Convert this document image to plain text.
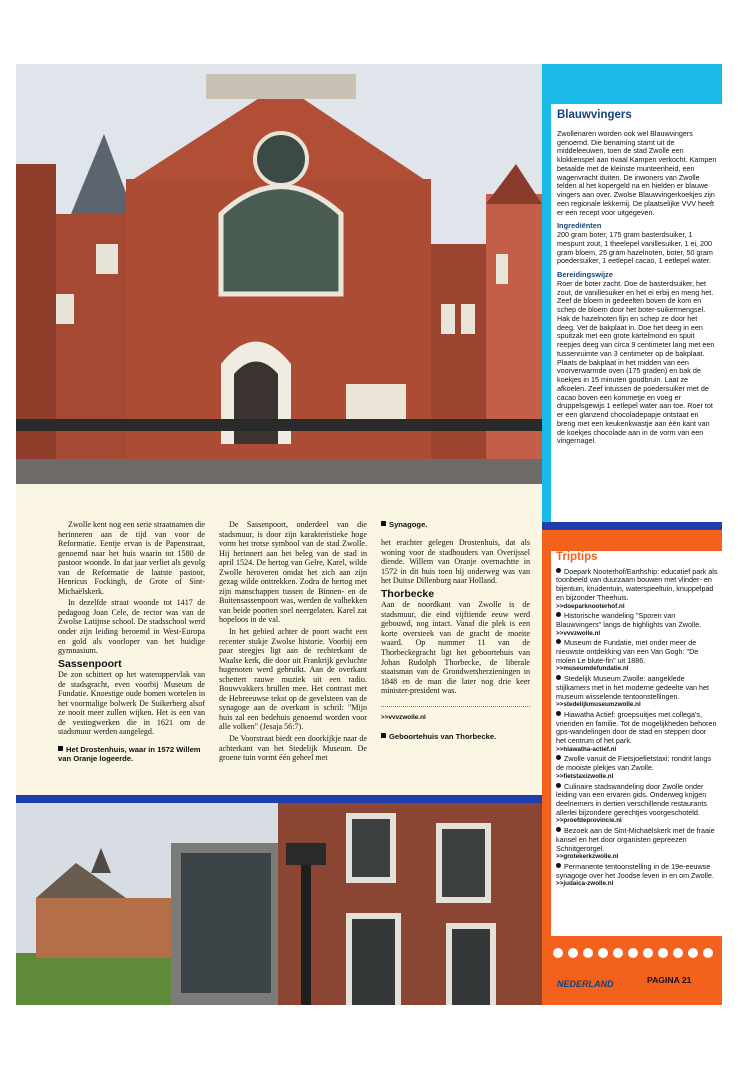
Zwolle kent nog een serie straatnamen die herinneren aan de tijd van voor de Reformatie. Eentje ervan is de Papenstraat, genoemd naar het huis waarin tot 1580 de pastoor woonde. In dat jaar verliet als gevolg van de Reformatie de laatste pastoor, Henricus Fockingh, de Grote of Sint-Michaëlskerk.

In dezelfde straat woonde tot 1417 de pedagoog Joan Cele, de rector was van de Zwolse Latijnse school. De stadsschool werd onder zijn leiding beroemd in West-Europa en gold als voorloper van het huidige gymnasium.

Sassenpoort

De zon schittert op het wateroppervlak van de stadsgracht, even voorbij Museum de Fundatie. Knoestige oude bomen wortelen in het voormalige bolwerk De Suikerberg alsof ze nooit meer zullen wijken. Het is een van de vestingwerken die in 1621 om de stadsmuur werden aangelegd.

Het Drostenhuis, waar in 1572 Willem van Oranje logeerde.

De Sassenpoort, onderdeel van die stadsmuur, is door zijn karakteristieke hoge vorm het trotse symbool van de stad Zwolle. Hij herinnert aan het beleg van de stad in april 1524. De hertog van Gelre, Karel, wilde Zwolle heroveren omdat het zich aan zijn gezag wilde onttrekken. Zodra de hertog met zijn manschappen tussen de Binnen- en de Buitensassenpoort was, werden de valhekken van beide poorten snel neergelaten. Karel zat hopeloos in de val.

In het gebied achter de poort wacht een recenter stukje Zwolse historie. Voorbij een paar steegjes ligt aan de rechterkant de Waalse kerk, die door uit Frankrijk gevluchte hugenoten werd gebruikt. Aan de overkant schettert rauwe muziek uit een radio. Bouwvakkers brullen mee. Het contrast met de Hebreeuwse tekst op de gevelsteen van de synagoge aan de overkant is schril: "Mijn huis zal een bedehuis genoemd worden voor alle volken" (Jesaja 56:7).

De Voorstraat biedt een doorkijkje naar de achterkant van het Stedelijk Museum. De groene tuin vormt één geheel met

Synagoge.

het erachter gelegen Drostenhuis, dat als woning voor de stadhouders van Overijssel diende. Willem van Oranje overnachtte in 1572 in dit huis toen hij onderweg was van het Duitse Dillenburg naar Holland.

Thorbecke

Aan de noordkant van Zwolle is de stadsmuur, die eind vijftiende eeuw werd gebouwd, nog intact. Vanaf die plek is een korte oversteek van de gracht de moeite waard. Op nummer 11 van de Thorbeckegracht ligt het geboortehuis van Johan Rudolph Thorbecke, de liberale staatsman van de Grondwetsherzieningen in 1848 en de man die later nog drie keer minister-president was.

>>vvvzwolle.nl
Geboortehuis van Thorbecke.
Blauwvingers

Zwollenaren worden ook wel Blauwvingers genoemd. Die benaming stamt uit de middeleeuwen, toen de stad Zwolle een klokkenspel aan rivaal Kampen verkocht. Kampen betaalde met de kleinste munteenheid, een wagenvracht duiten. De inwoners van Zwolle telden al het kopergeld na en hielden er blauwe vingers aan over. Zwolse Blauwvingerkoekjes zijn een regionale lekkernij. De plaatselijke VVV heeft er een recept voor uitgegeven.

Ingrediënten

200 gram boter, 175 gram basterdsuiker, 1 mespunt zout, 1 theelepel vanillesuiker, 1 ei, 200 gram bloem, 25 gram hazelnoten, boter, 50 gram poedersuiker, 1 eetlepel cacao, 1 eetlepel water.

Bereidingswijze

Roer de boter zacht. Doe de basterdsuiker, het zout, de vanillesuiker en het ei erbij en meng het. Zeef de bloem in gedeelten boven de kom en schep de bloem door het boter-suikermengsel. Hak de hazelnoten fijn en schep ze door het deeg. Vet de bakplaat in. Doe het deeg in een spuitzak met een grote kartelmond en spuit reepjes deeg van circa 9 centimeter lang met een tussenruimte van 3 centimeter op de bakplaat. Plaats de bakplaat in het midden van een voorverwarmde oven (175 graden) en bak de koekjes in 15 minuten goudbruin. Laat ze afkoelen. Zeef intussen de poedersuiker met de cacao boven een kommetje en voeg er druppelsgewijs 1 eetlepel water aan toe. Roer tot er een glanzend chocoladepapje ontstaat en breng met een keukenkwastje aan één kant van de koekjes chocolade aan in de vorm van een vingernagel.

Triptips
Doepark Nooterhof/Earthship: educatief park als toonbeeld van duurzaam bouwen met vlinder- en bijentuin, kruidentuin, waterspeeltuin, knuppelpad en bijzonder Theehuis.
>>doeparknooterhof.nl
Historische wandeling "Sporen van Blauwvingers" langs de highlights van Zwolle.
>>vvvzwolle.nl
Museum de Fundatie, met onder meer de nieuwste ontdekking van een Van Gogh: "De molen Le blute-fin" uit 1886.
>>museumdefundatie.nl
Stedelijk Museum Zwolle: aangeklede stijlkamers met in het moderne gedeelte van het museum wisselende tentoonstellingen.
>>stedelijkmuseumzwolle.nl
Hiawatha Actief: groepsuitjes met collega's, vrienden en familie. Tot de mogelijkheden behoren gps-wandelingen door de stad en steppen door het centrum of het park.
>>hiawatha-actief.nl
Zwolle vanuit de Fietsjoefietstaxi: rondrit langs de mooiste plekjes van Zwolle.
>>fietstaxizwolle.nl
Culinaire stadswandeling door Zwolle onder leiding van een ervaren gids. Onderweg krijgen deelnemers in dertien verschillende restaurants allerlei bijzondere gerechtjes voorgeschoteld.
>>proefdeprovincie.nl
Bezoek aan de Sint-Michaëlskerk met de fraaie kansel en het door organisten gepreezen Schnitgerorgel.
>>grotekerkzwolle.nl
Permanente tentoonstelling in de 19e-eeuwse synagoge over het Joodse leven in en om Zwolle.
>>judaica-zwolle.nl
UIT
NEDERLAND	PAGINA 21
